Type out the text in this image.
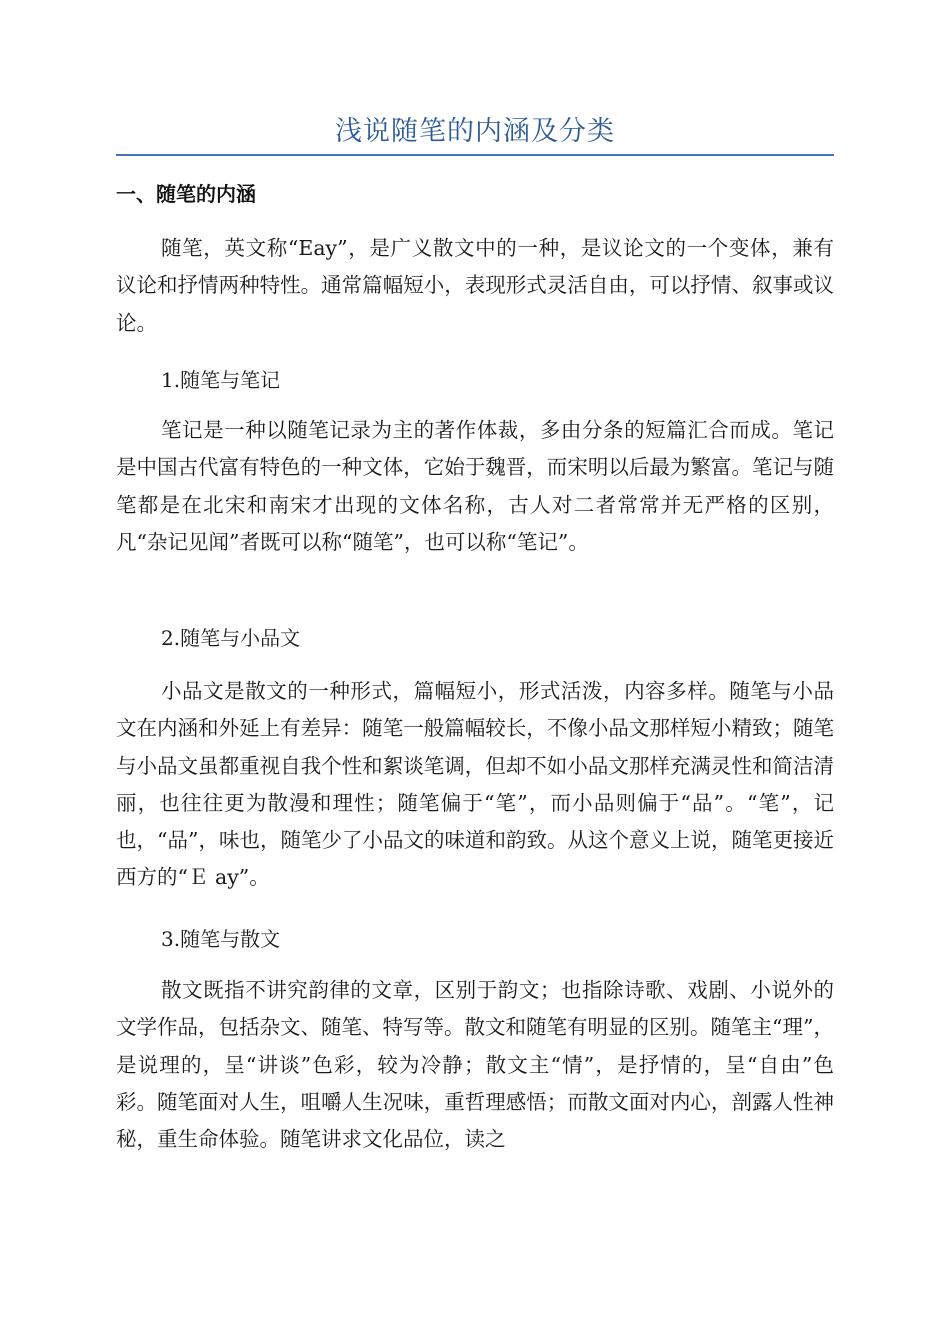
浅说随笔的内涵及分类
一、随笔的内涵
随笔，英文称“Eay”，是广义散文中的一种，是议论文的一个变体，兼有议论和抒情两种特性。通常篇幅短小，表现形式灵活自由，可以抒情、叙事或议论。
1.随笔与笔记
笔记是一种以随笔记录为主的著作体裁，多由分条的短篇汇合而成。笔记是中国古代富有特色的一种文体，它始于魏晋，而宋明以后最为繁富。笔记与随笔都是在北宋和南宋才出现的文体名称，古人对二者常常并无严格的区别，凡“杂记见闻”者既可以称“随笔”，也可以称“笔记”。
2.随笔与小品文
小品文是散文的一种形式，篇幅短小，形式活泼，内容多样。随笔与小品文在内涵和外延上有差异：随笔一般篇幅较长，不像小品文那样短小精致；随笔与小品文虽都重视自我个性和絮谈笔调，但却不如小品文那样充满灵性和简洁清丽，也往往更为散漫和理性；随笔偏于“笔”，而小品则偏于“品”。“笔”，记也，“品”，味也，随笔少了小品文的味道和韵致。从这个意义上说，随笔更接近西方的“Ｅ ay”。
3.随笔与散文
散文既指不讲究韵律的文章，区别于韵文；也指除诗歌、戏剧、小说外的文学作品，包括杂文、随笔、特写等。散文和随笔有明显的区别。随笔主“理”，是说理的，呈“讲谈”色彩，较为冷静；散文主“情”，是抒情的，呈“自由”色彩。随笔面对人生，咀嚼人生况味，重哲理感悟；而散文面对内心，剖露人性神秘，重生命体验。随笔讲求文化品位，读之
